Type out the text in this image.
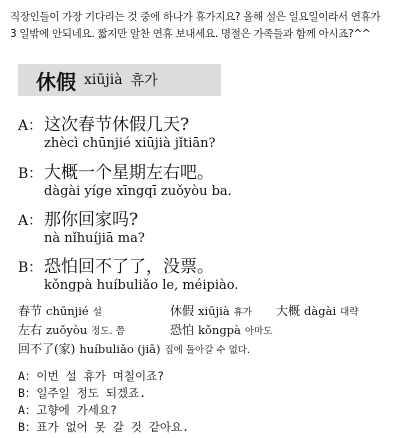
직장인들이 가장 기다리는 것 중에 하나가 휴가지요? 올해 설은 일요일이라서 연휴가
3 일밖에 안되네요. 짧지만 알찬 연휴 보내세요. 명절은 가족들과 함께 아시죠?^^
休假 xiūjià 휴가
A： 这次春节休假几天?
zhècì chūnjié xiūjià jǐtiān?
B： 大概一个星期左右吧。
dàgài yíge xīngqī zuǒyòu ba.
A： 那你回家吗?
nà nǐhuíjiā ma?
B： 恐怕回不了了，没票。
kǒngpà huíbuliǎo le, méipiào.
春节 chūnjié 설	休假 xiūjià 휴가 大概 dàgài 대략
左右 zuǒyòu 정도. 쯤	恐怕 kǒngpà 아마도
回不了(家) huíbuliǎo (jiā) 집에 돌아갈 수 없다.
A：이번 설 휴가 며칠이죠?
B：일주일 정도 되겠죠.
A：고향에 가세요?
B：표가 없어 못 갈 것 같아요.
